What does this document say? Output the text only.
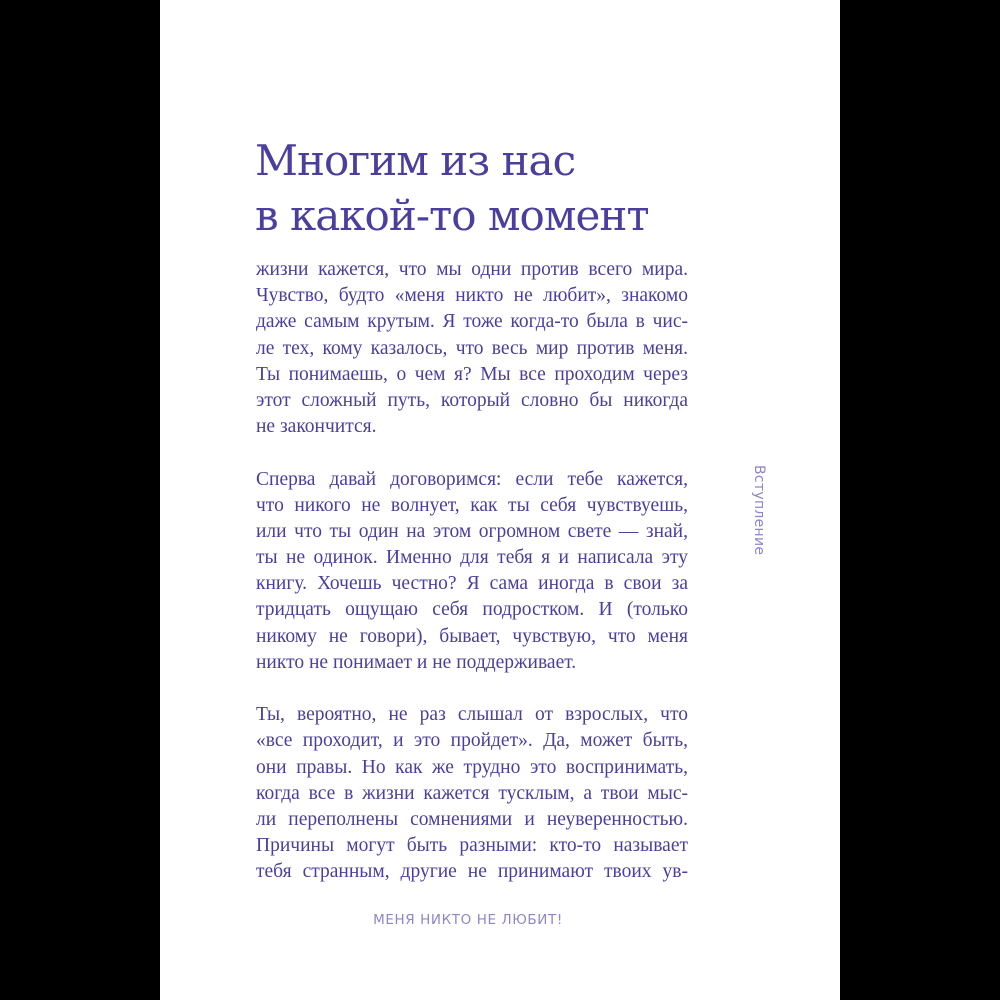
Многим из нас
в какой-то момент
жизни кажется, что мы одни против всего мира.
Чувство, будто «меня никто не любит», знакомо
даже самым крутым. Я тоже когда-то была в чис-
ле тех, кому казалось, что весь мир против меня.
Ты понимаешь, о чем я? Мы все проходим через
этот сложный путь, который словно бы никогда
не закончится.
Сперва давай договоримся: если тебе кажется,
что никого не волнует, как ты себя чувствуешь,
или что ты один на этом огромном свете — знай,
ты не одинок. Именно для тебя я и написала эту
книгу. Хочешь честно? Я сама иногда в свои за
тридцать ощущаю себя подростком. И (только
никому не говори), бывает, чувствую, что меня
никто не понимает и не поддерживает.
Ты, вероятно, не раз слышал от взрослых, что
«все проходит, и это пройдет». Да, может быть,
они правы. Но как же трудно это воспринимать,
когда все в жизни кажется тусклым, а твои мыс-
ли переполнены сомнениями и неуверенностью.
Причины могут быть разными: кто-то называет
тебя странным, другие не принимают твоих ув-
Вступление
МЕНЯ НИКТО НЕ ЛЮБИТ!
